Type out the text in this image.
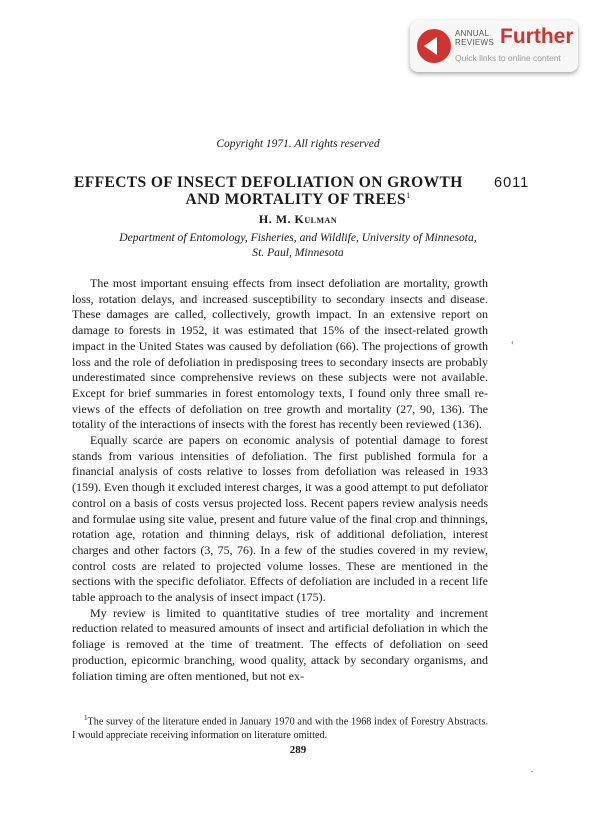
ANNUAL
REVIEWS Further
Quick links to online content
Copyright 1971. All rights reserved
EFFECTS OF INSECT DEFOLIATION ON GROWTH 6011
AND MORTALITY OF TREES$^1$
H. M. Kulman
Department of Entomology, Fisheries, and Wildlife, University of Minnesota,
St. Paul, Minnesota

The most important ensuing effects from insect defoliation are mortality, growth loss, rotation delays, and increased susceptibility to secondary insects and disease. These damages are called, collectively, growth impact. In an extensive report on damage to forests in 1952, it was estimated that 15% of the insect-related growth impact in the United States was caused by defoliation (66). The projections of growth loss and the role of defoliation in predisposing trees to secondary insects are probably underestimated since comprehensive reviews on these subjects were not available. Except for brief summaries in forest entomology texts, I found only three small reviews of the effects of defoliation on tree growth and mortality (27, 90, 136). The totality of the interactions of insects with the forest has recently been reviewed (136).

Equally scarce are papers on economic analysis of potential damage to forest stands from various intensities of defoliation. The first published formula for a financial analysis of costs relative to losses from defoliation was released in 1933 (159). Even though it excluded interest charges, it was a good attempt to put defoliator control on a basis of costs versus projected loss. Recent papers review analysis needs and formulae using site value, present and future value of the final crop and thinnings, rotation age, rotation and thinning delays, risk of additional defoliation, interest charges and other factors (3, 75, 76). In a few of the studies covered in my review, control costs are related to projected volume losses. These are mentioned in the sections with the specific defoliator. Effects of defoliation are included in a recent life table approach to the analysis of insect impact (175).

My review is limited to quantitative studies of tree mortality and increment reduction related to measured amounts of insect and artificial defoliation in which the foliage is removed at the time of treatment. The effects of defoliation on seed production, epicormic branching, wood quality, attack by secondary organisms, and foliation timing are often mentioned, but not ex-

$^1$The survey of the literature ended in January 1970 and with the 1968 index of Forestry Abstracts. I would appreciate receiving information on literature omitted.

289
‹
•
